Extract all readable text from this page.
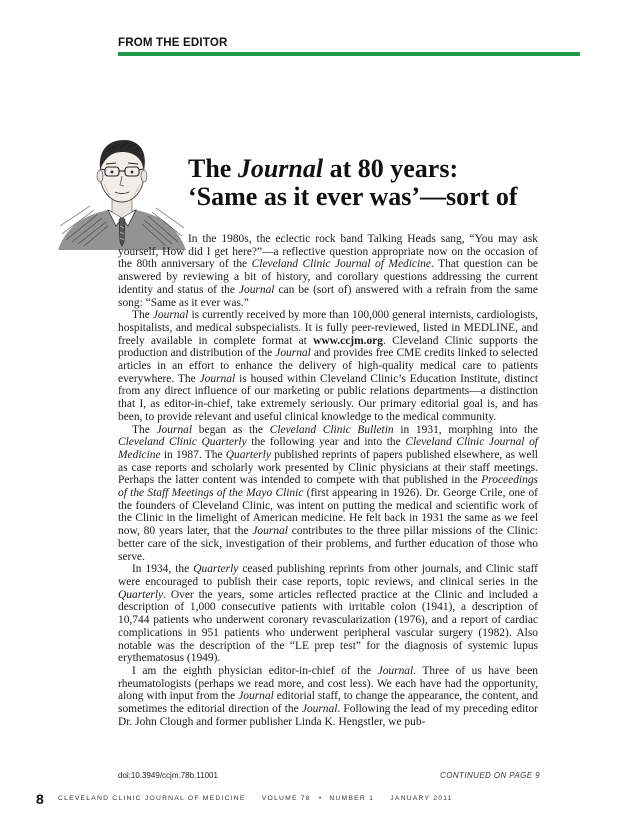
FROM THE EDITOR
The Journal at 80 years:
‘Same as it ever was’—sort of

In the 1980s, the eclectic rock band Talking Heads sang, “You may ask yourself, How did I get here?”—a reflective question appropriate now on the occasion of the 80th anniversary of the Cleveland Clinic Journal of Medicine. That question can be answered by reviewing a bit of history, and corollary questions addressing the current identity and status of the Journal can be (sort of) answered with a refrain from the same song: “Same as it ever was.”

The Journal is currently received by more than 100,000 general internists, cardiologists, hospitalists, and medical subspecialists. It is fully peer-reviewed, listed in MEDLINE, and freely available in complete format at www.ccjm.org. Cleveland Clinic supports the production and distribution of the Journal and provides free CME credits linked to selected articles in an effort to enhance the delivery of high-quality medical care to patients everywhere. The Journal is housed within Cleveland Clinic’s Education Institute, distinct from any direct influence of our marketing or public relations departments—a distinction that I, as editor-in-chief, take extremely seriously. Our primary editorial goal is, and has been, to provide relevant and useful clinical knowledge to the medical community.

The Journal began as the Cleveland Clinic Bulletin in 1931, morphing into the Cleveland Clinic Quarterly the following year and into the Cleveland Clinic Journal of Medicine in 1987. The Quarterly published reprints of papers published elsewhere, as well as case reports and scholarly work presented by Clinic physicians at their staff meetings. Perhaps the latter content was intended to compete with that published in the Proceedings of the Staff Meetings of the Mayo Clinic (first appearing in 1926). Dr. George Crile, one of the founders of Cleveland Clinic, was intent on putting the medical and scientific work of the Clinic in the limelight of American medicine. He felt back in 1931 the same as we feel now, 80 years later, that the Journal contributes to the three pillar missions of the Clinic: better care of the sick, investigation of their problems, and further education of those who serve.

In 1934, the Quarterly ceased publishing reprints from other journals, and Clinic staff were encouraged to publish their case reports, topic reviews, and clinical series in the Quarterly. Over the years, some articles reflected practice at the Clinic and included a description of 1,000 consecutive patients with irritable colon (1941), a description of 10,744 patients who underwent coronary revascularization (1976), and a report of cardiac complications in 951 patients who underwent peripheral vascular surgery (1982). Also notable was the description of the “LE prep test” for the diagnosis of systemic lupus erythematosus (1949).

I am the eighth physician editor-in-chief of the Journal. Three of us have been rheumatologists (perhaps we read more, and cost less). We each have had the opportunity, along with input from the Journal editorial staff, to change the appearance, the content, and sometimes the editorial direction of the Journal. Following the lead of my preceding editor Dr. John Clough and former publisher Linda K. Hengstler, we pub-

doi:10.3949/ccjm.78b.11001	CONTINUED ON PAGE 9
8 CLEVELAND CLINIC JOURNAL OF MEDICINE VOLUME 78 • NUMBER 1 JANUARY 2011
